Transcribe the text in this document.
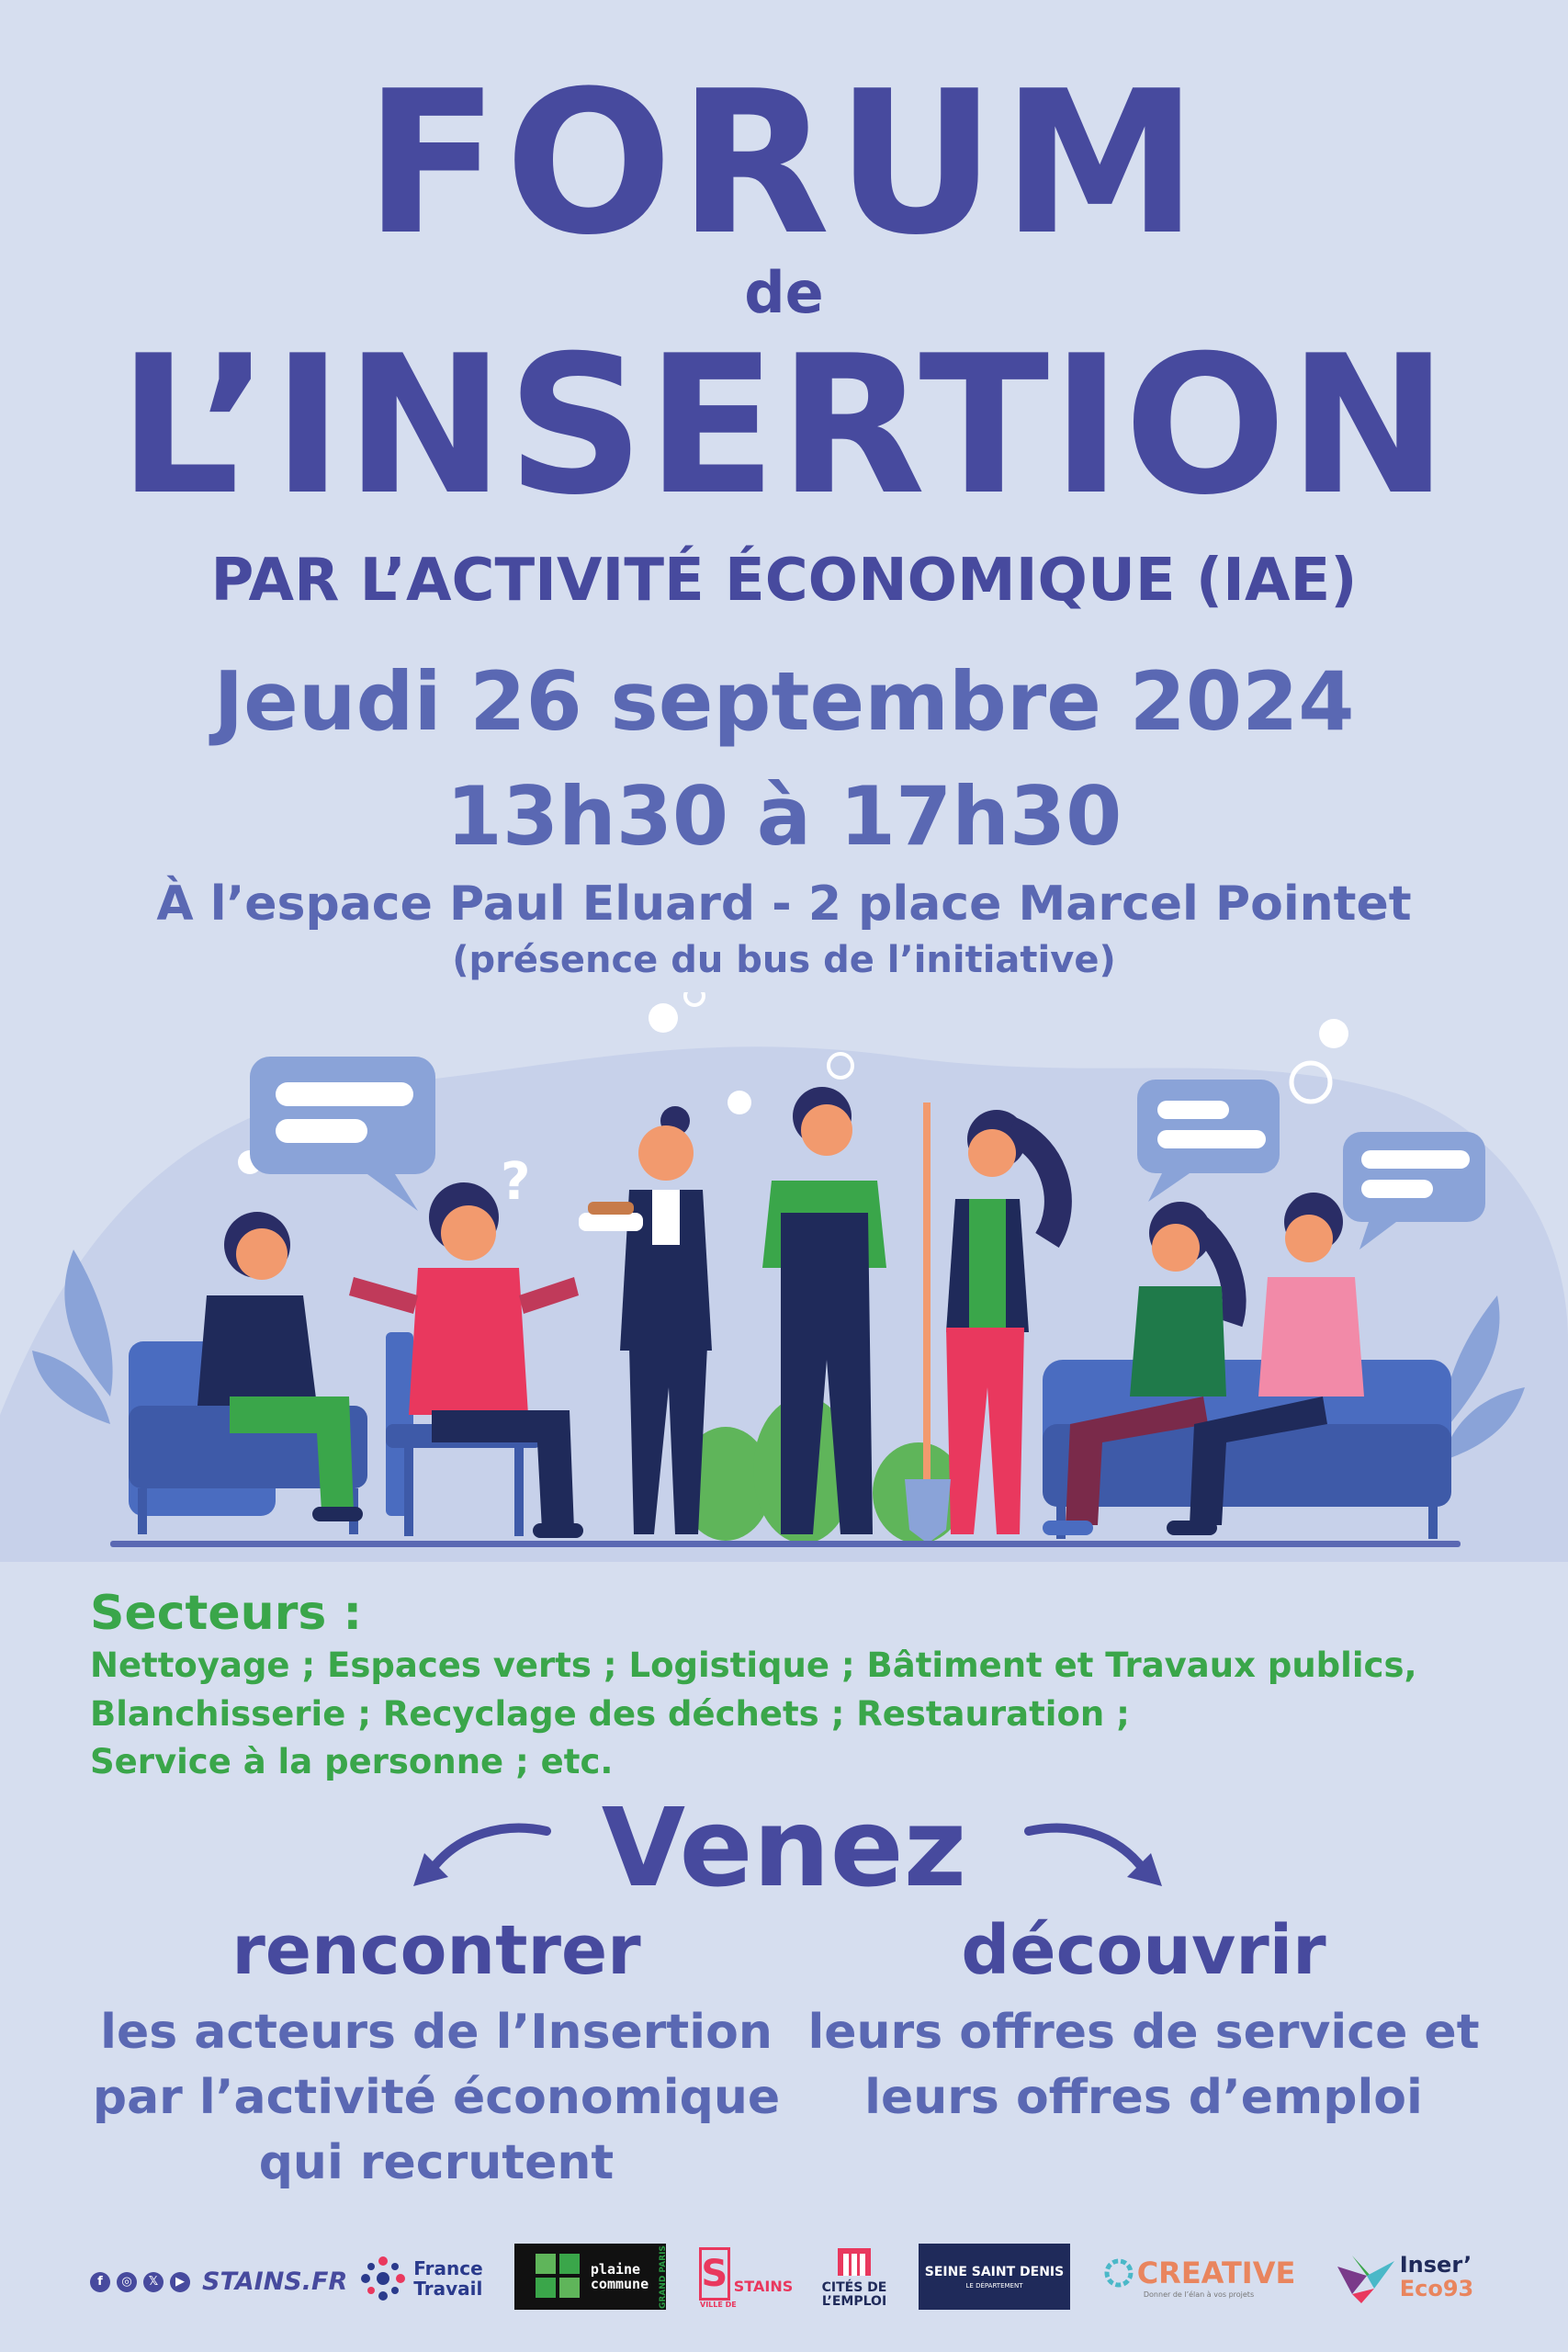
FORUM
de
L’INSERTION
PAR L’ACTIVITÉ ÉCONOMIQUE (IAE)
Jeudi 26 septembre 2024
13h30 à 17h30
À l’espace Paul Eluard - 2 place Marcel Pointet
(présence du bus de l’initiative)
?
Secteurs :
Nettoyage ; Espaces verts ; Logistique ; Bâtiment et Travaux publics,
Blanchisserie ; Recyclage des déchets ; Restauration ;
Service à la personne ; etc.
Venez
rencontrer
les acteurs de l’Insertion
par l’activité économique
qui recrutent
découvrir
leurs offres de service et
leurs offres d’emploi
f	◎	𝕏	▶ STAINS.FR	France
Travail
plaine
commune GRAND PARIS S STAINS
VILLE DE
CITÉS DE
L’EMPLOI
SEINE SAINT DENIS
LE DÉPARTEMENT	CREATIVE
Donner de l’élan à vos projets
Inser’
Eco93
